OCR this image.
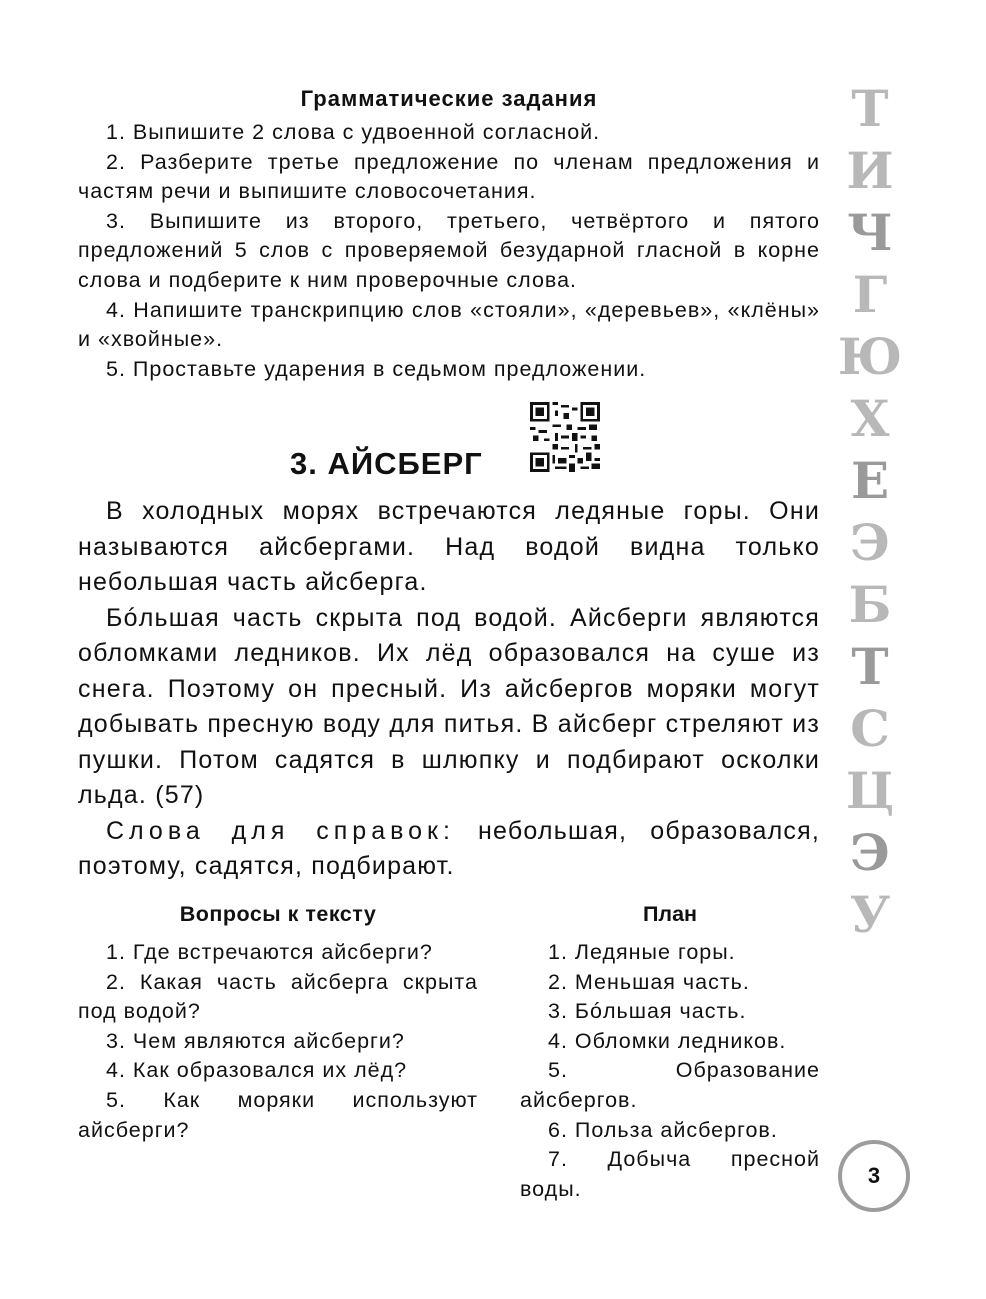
Грамматические задания

1. Выпишите 2 слова с удвоенной согласной.

2. Разберите третье предложение по членам предложения и частям речи и выпишите словосочетания.

3. Выпишите из второго, третьего, четвёртого и пятого предложений 5 слов с проверяемой безударной гласной в корне слова и подберите к ним проверочные слова.

4. Напишите транскрипцию слов «стояли», «деревьев», «клёны» и «хвойные».

5. Проставьте ударения в седьмом предложении.

3. АЙСБЕРГ

В холодных морях встречаются ледяные горы. Они называются айсбергами. Над водой видна только небольшая часть айсберга.

Бóльшая часть скрыта под водой. Айсберги являются обломками ледников. Их лёд образовался на суше из снега. Поэтому он пресный. Из айсбергов моряки могут добывать пресную воду для питья. В айсберг стреляют из пушки. Потом садятся в шлюпку и подбирают осколки льда. (57)

Слова для справок: небольшая, образовался, поэтому, садятся, подбирают.

Вопросы к тексту

1. Где встречаются айсберги?

2. Какая часть айсберга скрыта под водой?

3. Чем являются айсберги?

4. Как образовался их лёд?

5. Как моряки используют айсберги?

План

1. Ледяные горы.

2. Меньшая часть.

3. Бóльшая часть.

4. Обломки ледников.

5. Образование айсбергов.

6. Польза айсбергов.

7. Добыча пресной воды.

Т
И
Ч
Г
Ю
Х
Е
Э
Б
Т
С
Ц
Э
У
3
